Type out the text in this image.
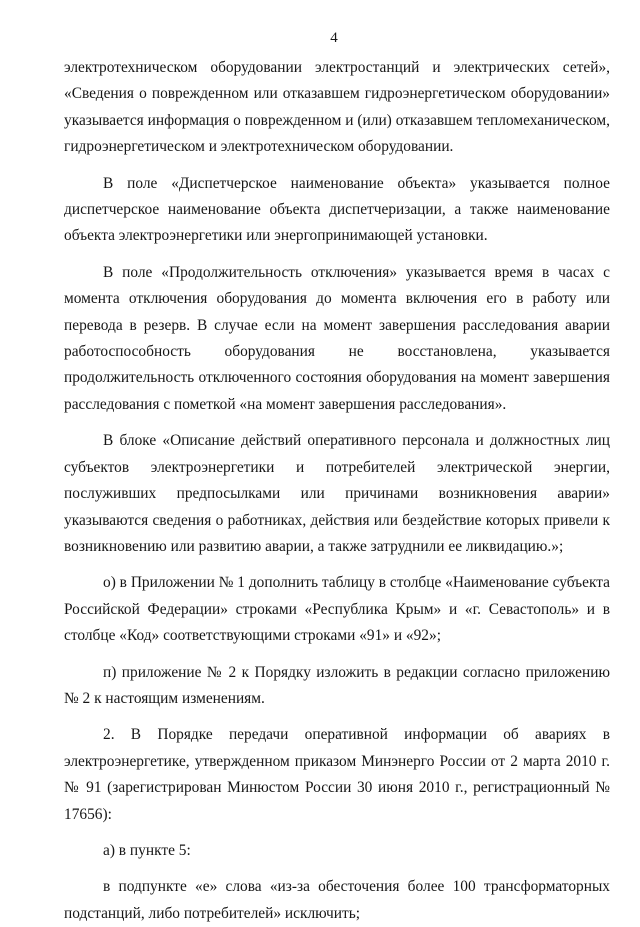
4

электротехническом оборудовании электростанций и электрических сетей», «Сведения о поврежденном или отказавшем гидроэнергетическом оборудовании» указывается информация о поврежденном и (или) отказавшем тепломеханическом, гидроэнергетическом и электротехническом оборудовании.

В поле «Диспетчерское наименование объекта» указывается полное диспетчерское наименование объекта диспетчеризации, а также наименование объекта электроэнергетики или энергопринимающей установки.

В поле «Продолжительность отключения» указывается время в часах с момента отключения оборудования до момента включения его в работу или перевода в резерв. В случае если на момент завершения расследования аварии работоспособность оборудования не восстановлена, указывается продолжительность отключенного состояния оборудования на момент завершения расследования с пометкой «на момент завершения расследования».

В блоке «Описание действий оперативного персонала и должностных лиц субъектов электроэнергетики и потребителей электрической энергии, послуживших предпосылками или причинами возникновения аварии» указываются сведения о работниках, действия или бездействие которых привели к возникновению или развитию аварии, а также затруднили ее ликвидацию.»;

о) в Приложении № 1 дополнить таблицу в столбце «Наименование субъекта Российской Федерации» строками «Республика Крым» и «г. Севастополь» и в столбце «Код» соответствующими строками «91» и «92»;

п) приложение № 2 к Порядку изложить в редакции согласно приложению № 2 к настоящим изменениям.

2. В Порядке передачи оперативной информации об авариях в электроэнергетике, утвержденном приказом Минэнерго России от 2 марта 2010 г. № 91 (зарегистрирован Минюстом России 30 июня 2010 г., регистрационный № 17656):

а) в пункте 5:

в подпункте «е» слова «из-за обесточения более 100 трансформаторных подстанций, либо потребителей» исключить;
